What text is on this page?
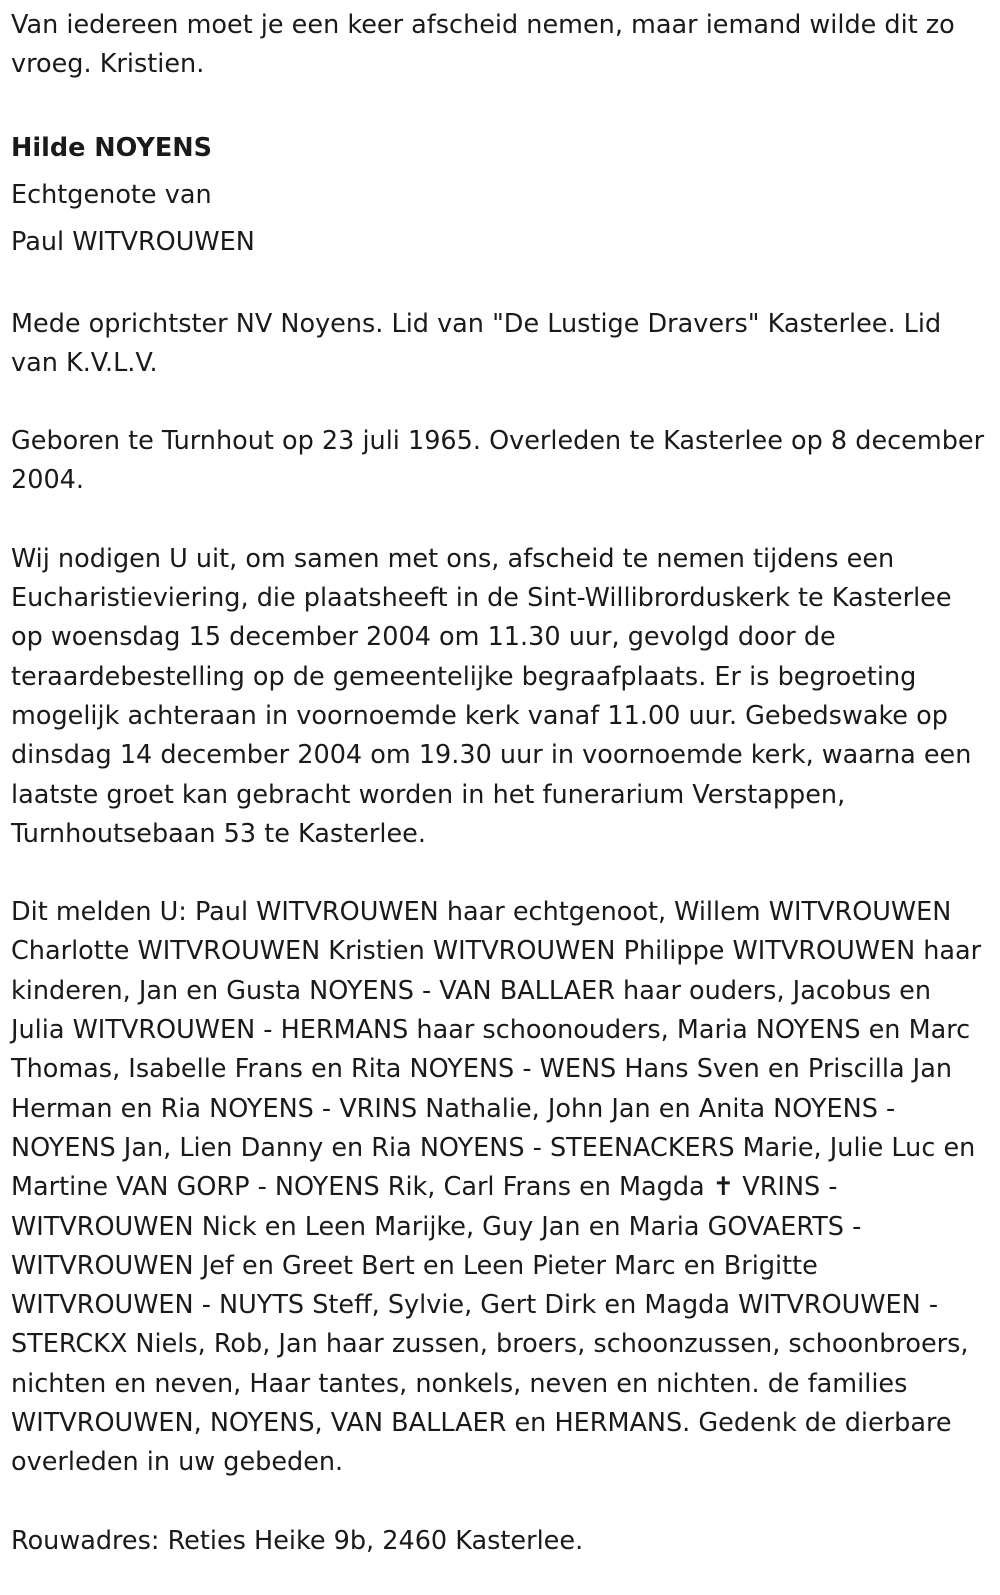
Van iedereen moet je een keer afscheid nemen, maar iemand wilde dit zo vroeg. Kristien.

Hilde NOYENS

Echtgenote van

Paul WITVROUWEN

Mede oprichtster NV Noyens. Lid van "De Lustige Dravers" Kasterlee. Lid van K.V.L.V.

Geboren te Turnhout op 23 juli 1965. Overleden te Kasterlee op 8 december 2004.

Wij nodigen U uit, om samen met ons, afscheid te nemen tijdens een Eucharistieviering, die plaatsheeft in de Sint-Willibrorduskerk te Kasterlee op woensdag 15 december 2004 om 11.30 uur, gevolgd door de teraardebestelling op de gemeentelijke begraafplaats. Er is begroeting mogelijk achteraan in voornoemde kerk vanaf 11.00 uur. Gebedswake op dinsdag 14 december 2004 om 19.30 uur in voornoemde kerk, waarna een laatste groet kan gebracht worden in het funerarium Verstappen, Turnhoutsebaan 53 te Kasterlee.

Dit melden U: Paul WITVROUWEN haar echtgenoot, Willem WITVROUWEN Charlotte WITVROUWEN Kristien WITVROUWEN Philippe WITVROUWEN haar kinderen, Jan en Gusta NOYENS - VAN BALLAER haar ouders, Jacobus en Julia WITVROUWEN - HERMANS haar schoonouders, Maria NOYENS en Marc Thomas, Isabelle Frans en Rita NOYENS - WENS Hans Sven en Priscilla Jan Herman en Ria NOYENS - VRINS Nathalie, John Jan en Anita NOYENS - NOYENS Jan, Lien Danny en Ria NOYENS - STEENACKERS Marie, Julie Luc en Martine VAN GORP - NOYENS Rik, Carl Frans en Magda ✝ VRINS - WITVROUWEN Nick en Leen Marijke, Guy Jan en Maria GOVAERTS - WITVROUWEN Jef en Greet Bert en Leen Pieter Marc en Brigitte WITVROUWEN - NUYTS Steff, Sylvie, Gert Dirk en Magda WITVROUWEN - STERCKX Niels, Rob, Jan haar zussen, broers, schoonzussen, schoonbroers, nichten en neven, Haar tantes, nonkels, neven en nichten. de families WITVROUWEN, NOYENS, VAN BALLAER en HERMANS. Gedenk de dierbare overleden in uw gebeden.

Rouwadres: Reties Heike 9b, 2460 Kasterlee.
